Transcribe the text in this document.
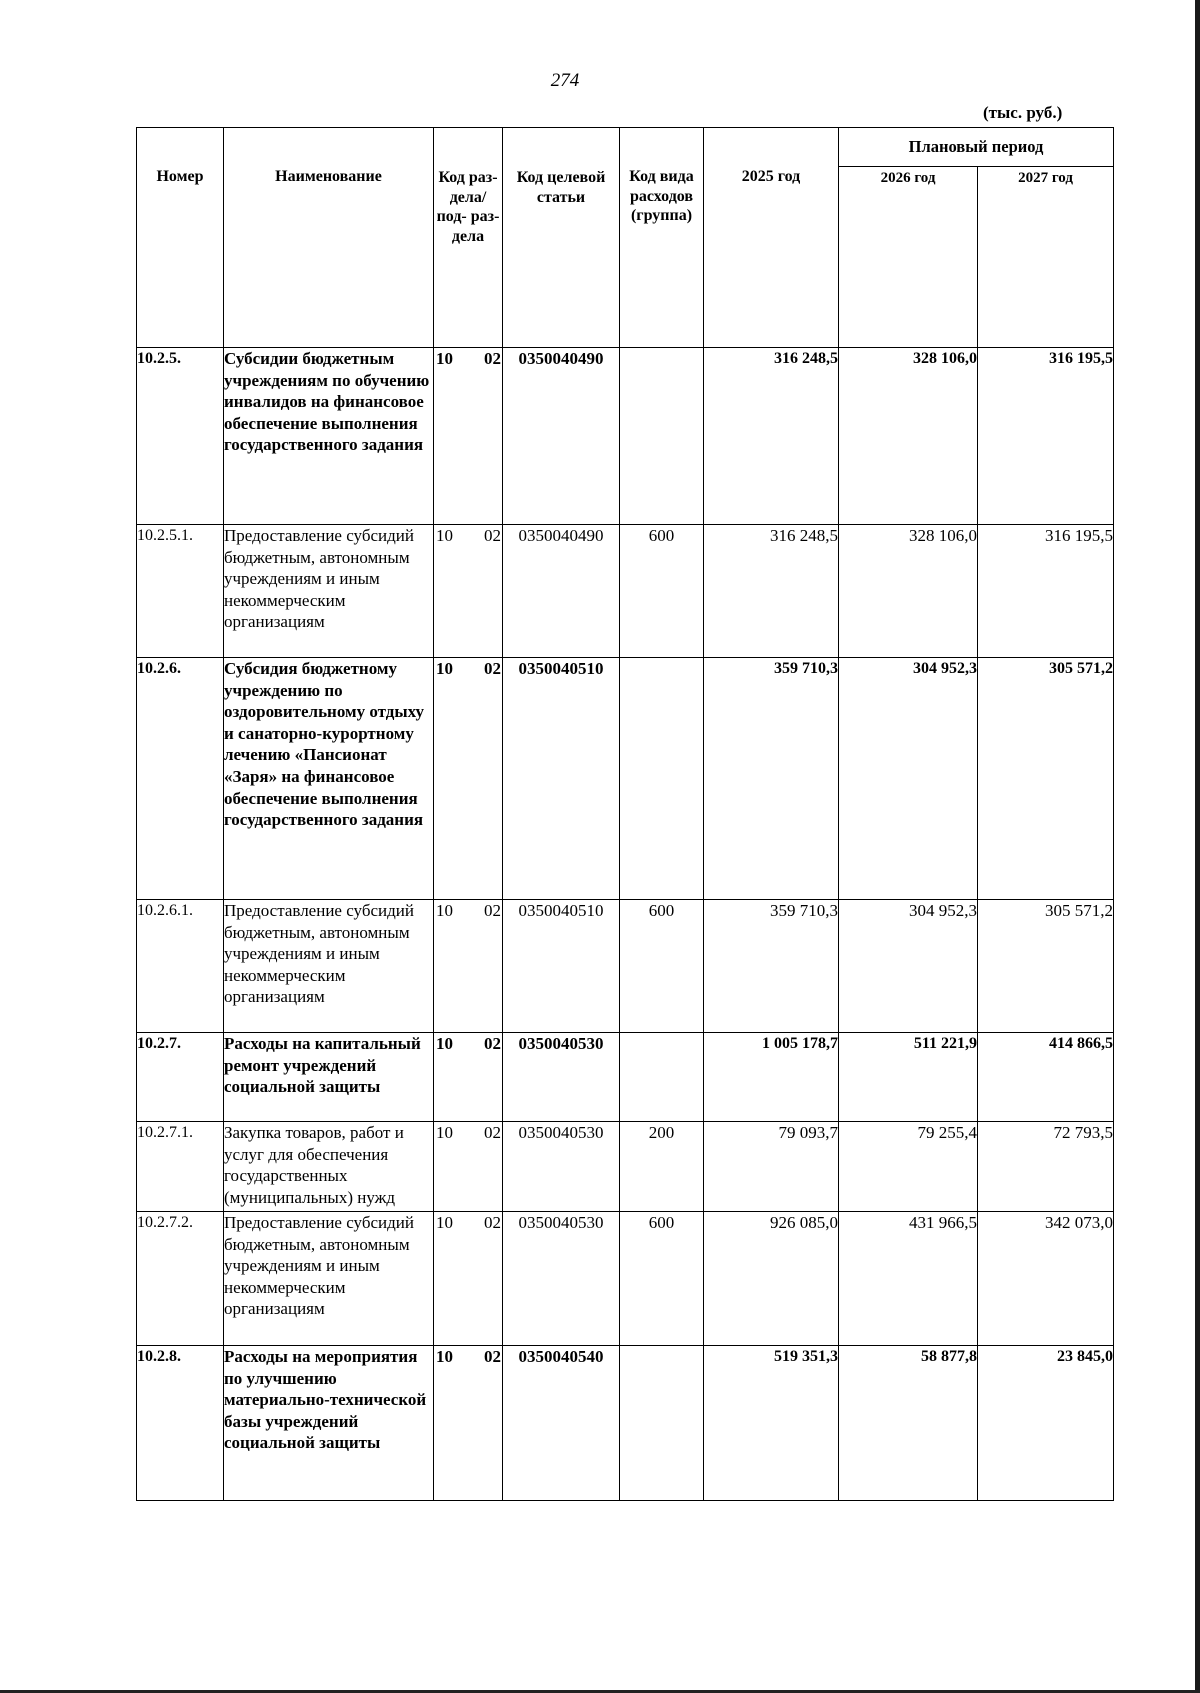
274
(тыс. руб.)
Номер	Наименование	Код раз- дела/ под- раз- дела	Код целевой статьи	Код вида расходов (группа)	2025 год	Плановый период	
						2026 год	2027 год
10.2.5.	Субсидии бюджетным учреждениям по обучению инвалидов на финансовое обеспечение выполнения государственного задания	10 02	0350040490		316 248,5	328 106,0	316 195,5
10.2.5.1.	Предоставление субсидий бюджетным, автономным учреждениям и иным некоммерческим организациям	10 02	0350040490	600	316 248,5	328 106,0	316 195,5
10.2.6.	Субсидия бюджетному учреждению по оздоровительному отдыху и санаторно-курортному лечению «Пансионат «Заря» на финансовое обеспечение выполнения государственного задания	10 02	0350040510		359 710,3	304 952,3	305 571,2
10.2.6.1.	Предоставление субсидий бюджетным, автономным учреждениям и иным некоммерческим организациям	10 02	0350040510	600	359 710,3	304 952,3	305 571,2
10.2.7.	Расходы на капитальный ремонт учреждений социальной защиты	10 02	0350040530		1 005 178,7	511 221,9	414 866,5
10.2.7.1.	Закупка товаров, работ и услуг для обеспечения государственных (муниципальных) нужд	10 02	0350040530	200	79 093,7	79 255,4	72 793,5
10.2.7.2.	Предоставление субсидий бюджетным, автономным учреждениям и иным некоммерческим организациям	10 02	0350040530	600	926 085,0	431 966,5	342 073,0
10.2.8.	Расходы на мероприятия по улучшению материально-технической базы учреждений социальной защиты	10 02	0350040540		519 351,3	58 877,8	23 845,0
